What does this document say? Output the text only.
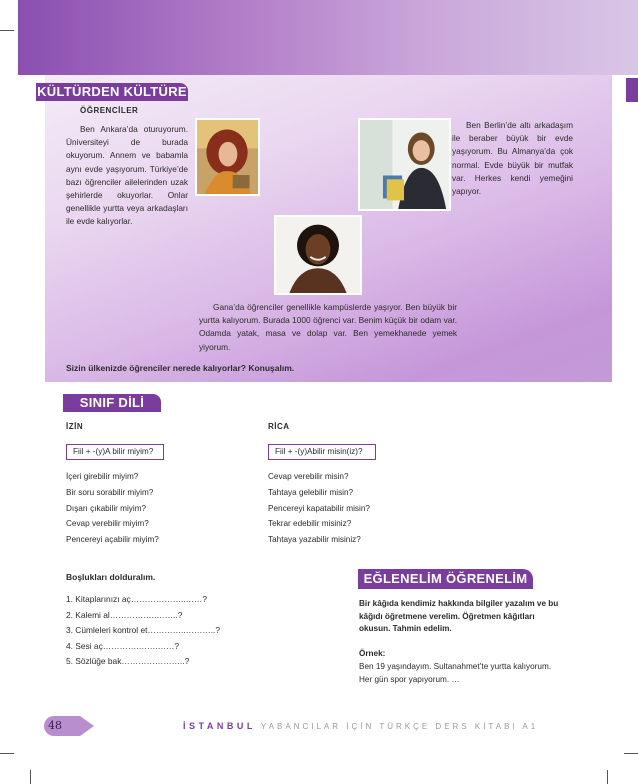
KÜLTÜRDEN KÜLTÜRE
ÖĞRENCİLER
Ben Ankara’da oturuyorum. Üniversiteyi de burada okuyorum. Annem ve babamla aynı evde yaşıyorum. Türkiye’de bazı öğrenciler ailelerinden uzak şehirlerde okuyorlar. Onlar genellikle yurtta veya arkadaşları ile evde kalıyorlar.
Ben Berlin’de altı arkadaşım ile beraber büyük bir evde yaşıyorum. Bu Almanya’da çok normal. Evde büyük bir mutfak var. Herkes kendi yemeğini yapıyor.
Gana’da öğrenciler genellikle kampüslerde yaşıyor. Ben büyük bir yurtta kalıyorum. Burada 1000 öğrenci var. Benim küçük bir odam var. Odamda yatak, masa ve dolap var. Ben yemekhanede yemek yiyorum.
Sizin ülkenizde öğrenciler nerede kalıyorlar? Konuşalım.
SINIF DİLİ
İZİN
Fiil + -(y)A bilir miyim?
İçeri girebilir miyim?
Bir soru sorabilir miyim?
Dışarı çıkabilir miyim?
Cevap verebilir miyim?
Pencereyi açabilir miyim?
RİCA
Fiil + -(y)Abilir misin(iz)?
Cevap verebilir misin?
Tahtaya gelebilir misin?
Pencereyi kapatabilir misin?
Tekrar edebilir misiniz?
Tahtaya yazabilir misiniz?
Boşlukları dolduralım.
1. Kitaplarınızı aç………………..……?
2. Kalemi al……………..……..?
3. Cümleleri kontrol et…………..………..?
4. Sesi aç………….…….……?
5. Sözlüğe bak…………………..?
EĞLENELİM ÖĞRENELİM
Bir kâğıda kendimiz hakkında bilgiler yazalım ve bu kâğıdı öğretmene verelim. Öğretmen kâğıtları okusun. Tahmin edelim.
Örnek:
Ben 19 yaşındayım. Sultanahmet’te yurtta kalıyorum. Her gün spor yapıyorum. …
48	İSTANBUL YABANCILAR İÇİN TÜRKÇE DERS KİTABI A1
